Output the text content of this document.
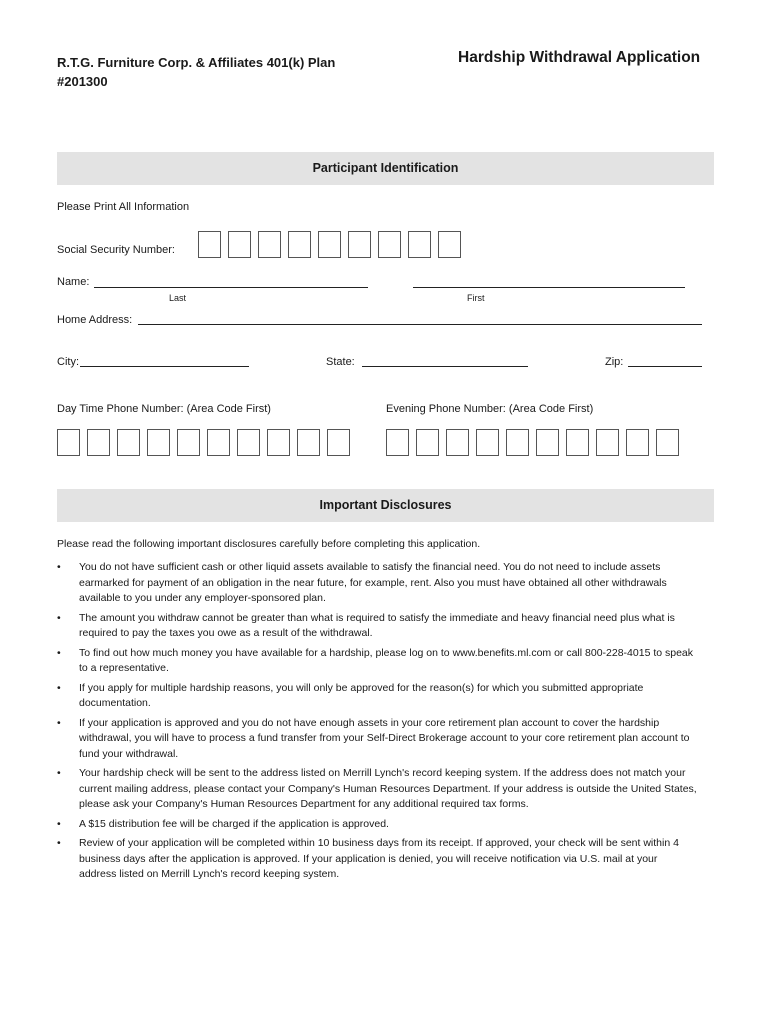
R.T.G. Furniture Corp. & Affiliates 401(k) Plan
#201300
Hardship Withdrawal Application
Participant Identification
Please Print All Information
Social Security Number:
Name:
Last	First
Home Address:
City:	State:	Zip:
Day Time Phone Number: (Area Code First)	Evening Phone Number: (Area Code First)
Important Disclosures
Please read the following important disclosures carefully before completing this application.
• You do not have sufficient cash or other liquid assets available to satisfy the financial need. You do not need to include assets earmarked for payment of an obligation in the near future, for example, rent. Also you must have obtained all other withdrawals available to you under any employer-sponsored plan.
• The amount you withdraw cannot be greater than what is required to satisfy the immediate and heavy financial need plus what is required to pay the taxes you owe as a result of the withdrawal.
• To find out how much money you have available for a hardship, please log on to www.benefits.ml.com or call 800-228-4015 to speak to a representative.
• If you apply for multiple hardship reasons, you will only be approved for the reason(s) for which you submitted appropriate documentation.
• If your application is approved and you do not have enough assets in your core retirement plan account to cover the hardship withdrawal, you will have to process a fund transfer from your Self-Direct Brokerage account to your core retirement plan account to fund your withdrawal.
• Your hardship check will be sent to the address listed on Merrill Lynch's record keeping system. If the address does not match your current mailing address, please contact your Company's Human Resources Department. If your address is outside the United States, please ask your Company's Human Resources Department for any additional required tax forms.
• A $15 distribution fee will be charged if the application is approved.
• Review of your application will be completed within 10 business days from its receipt. If approved, your check will be sent within 4 business days after the application is approved. If your application is denied, you will receive notification via U.S. mail at your address listed on Merrill Lynch's record keeping system.
